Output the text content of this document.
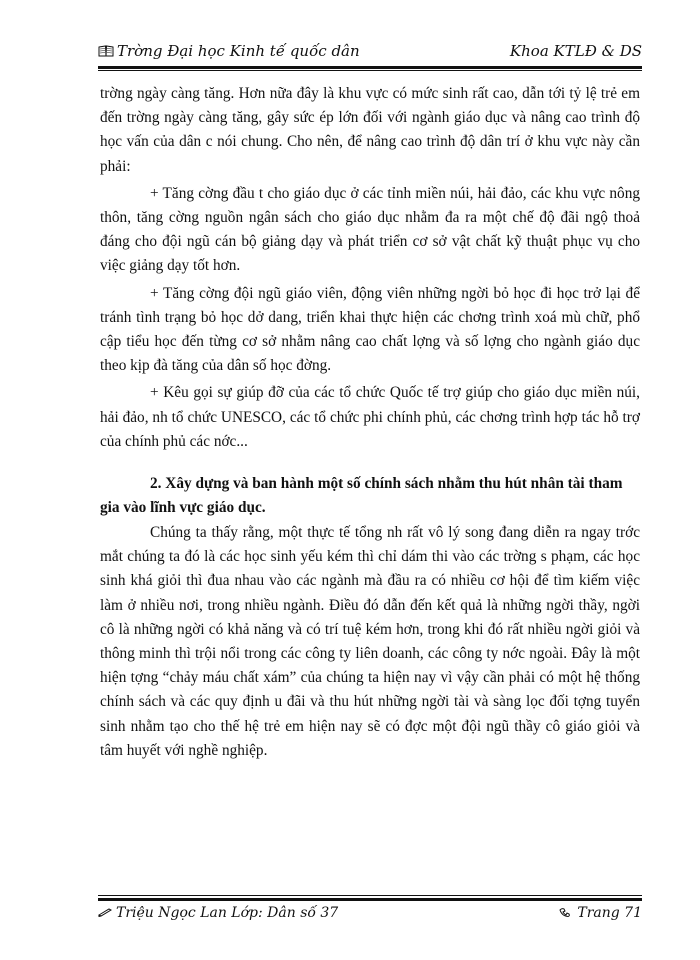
Trờng Đại học Kinh tế quốc dân	Khoa KTLĐ & DS

trờng ngày càng tăng. Hơn nữa đây là khu vực có mức sinh rất cao, dẫn tới tỷ lệ trẻ em đến trờng ngày càng tăng, gây sức ép lớn đối với ngành giáo dục và nâng cao trình độ học vấn của dân c nói chung. Cho nên, để nâng cao trình độ dân trí ở khu vực này cần phải:

+ Tăng cờng đầu t cho giáo dục ở các tỉnh miền núi, hải đảo, các khu vực nông thôn, tăng cờng nguồn ngân sách cho giáo dục nhằm đa ra một chế độ đãi ngộ thoả đáng cho đội ngũ cán bộ giảng dạy và phát triển cơ sở vật chất kỹ thuật phục vụ cho việc giảng dạy tốt hơn.

+ Tăng cờng đội ngũ giáo viên, động viên những ngời bỏ học đi học trở lại để tránh tình trạng bỏ học dở dang, triển khai thực hiện các chơng trình xoá mù chữ, phổ cập tiểu học đến từng cơ sở nhằm nâng cao chất lợng và số lợng cho ngành giáo dục theo kịp đà tăng của dân số học đờng.

+ Kêu gọi sự giúp đỡ của các tổ chức Quốc tế trợ giúp cho giáo dục miền núi, hải đảo, nh tổ chức UNESCO, các tổ chức phi chính phủ, các chơng trình hợp tác hỗ trợ của chính phủ các nớc...

2. Xây dựng và ban hành một số chính sách nhằm thu hút nhân tài tham gia vào lĩnh vực giáo dục.

Chúng ta thấy rằng, một thực tế tổng nh rất vô lý song đang diễn ra ngay trớc mắt chúng ta đó là các học sinh yếu kém thì chỉ dám thi vào các trờng s phạm, các học sinh khá giỏi thì đua nhau vào các ngành mà đầu ra có nhiều cơ hội để tìm kiếm việc làm ở nhiều nơi, trong nhiều ngành. Điều đó dẫn đến kết quả là những ngời thầy, ngời cô là những ngời có khả năng và có trí tuệ kém hơn, trong khi đó rất nhiều ngời giỏi và thông minh thì trội nổi trong các công ty liên doanh, các công ty nớc ngoài. Đây là một hiện tợng “chảy máu chất xám” của chúng ta hiện nay vì vậy cần phải có một hệ thống chính sách và các quy định u đãi và thu hút những ngời tài và sàng lọc đối tợng tuyển sinh nhằm tạo cho thế hệ trẻ em hiện nay sẽ có đợc một đội ngũ thầy cô giáo giỏi và tâm huyết với nghề nghiệp.

Triệu Ngọc Lan Lớp: Dân số 37	Trang 71
